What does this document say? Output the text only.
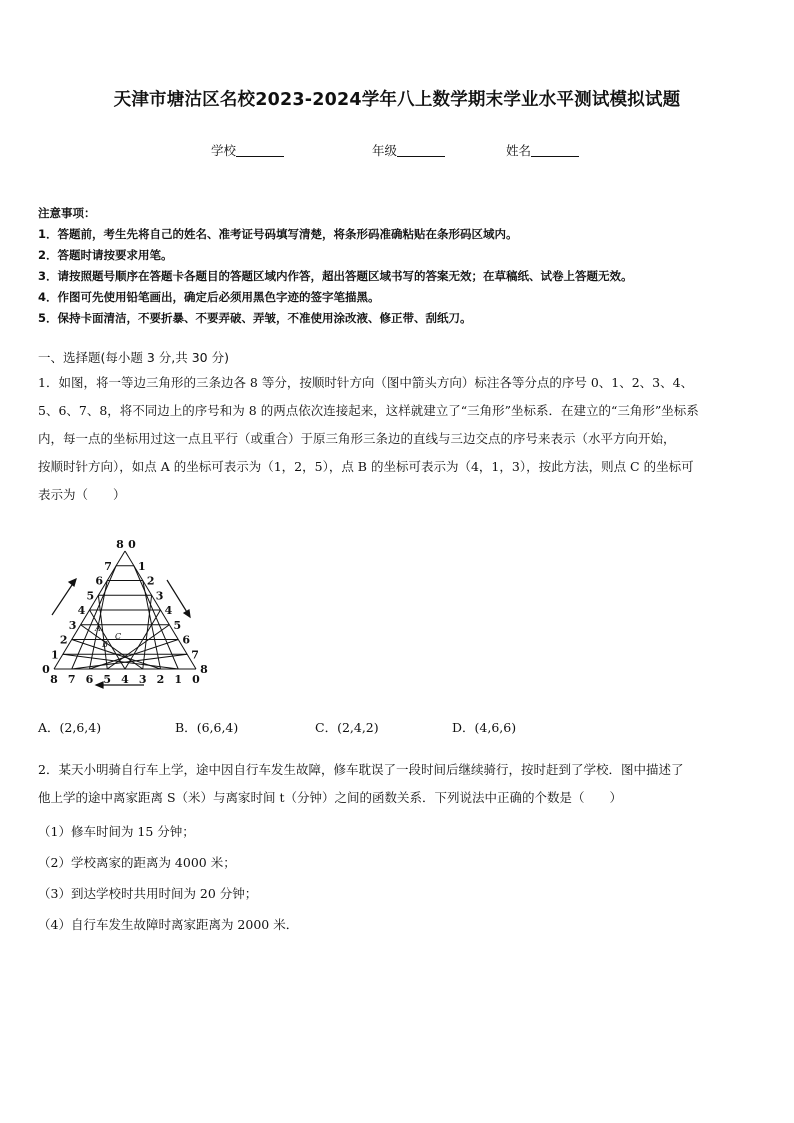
天津市塘沽区名校2023-2024学年八上数学期末学业水平测试模拟试题
学校	年级	姓名
注意事项：
1．答题前，考生先将自己的姓名、准考证号码填写清楚，将条形码准确粘贴在条形码区域内。
2．答题时请按要求用笔。
3．请按照题号顺序在答题卡各题目的答题区域内作答，超出答题区域书写的答案无效；在草稿纸、试卷上答题无效。
4．作图可先使用铅笔画出，确定后必须用黑色字迹的签字笔描黑。
5．保持卡面清洁，不要折暴、不要弄破、弄皱，不准使用涂改液、修正带、刮纸刀。
一、选择题(每小题 3 分,共 30 分)
1．如图，将一等边三角形的三条边各 8 等分，按顺时针方向（图中箭头方向）标注各等分点的序号 0、1、2、3、4、
5、6、7、8，将不同边上的序号和为 8 的两点依次连接起来，这样就建立了“三角形”坐标系．在建立的“三角形”坐标系
内，每一点的坐标用过这一点且平行（或重合）于原三角形三条边的直线与三边交点的序号来表示（水平方向开始，
按顺时针方向），如点 A 的坐标可表示为（1，2，5），点 B 的坐标可表示为（4，1，3），按此方法，则点 C 的坐标可
表示为（　　）
8 0
0
1
2
3
4
5
6
7 1
2
3
4
5
6
7
8
8 7 6 5 4 3 2 1 0
A
B
C
A．(2,6,4)	B．(6,6,4)	C．(2,4,2)	D．(4,6,6)
2．某天小明骑自行车上学，途中因自行车发生故障，修车耽误了一段时间后继续骑行，按时赶到了学校．图中描述了
他上学的途中离家距离 S（米）与离家时间 t（分钟）之间的函数关系．下列说法中正确的个数是（　　）
（1）修车时间为 15 分钟；
（2）学校离家的距离为 4000 米；
（3）到达学校时共用时间为 20 分钟；
（4）自行车发生故障时离家距离为 2000 米．
